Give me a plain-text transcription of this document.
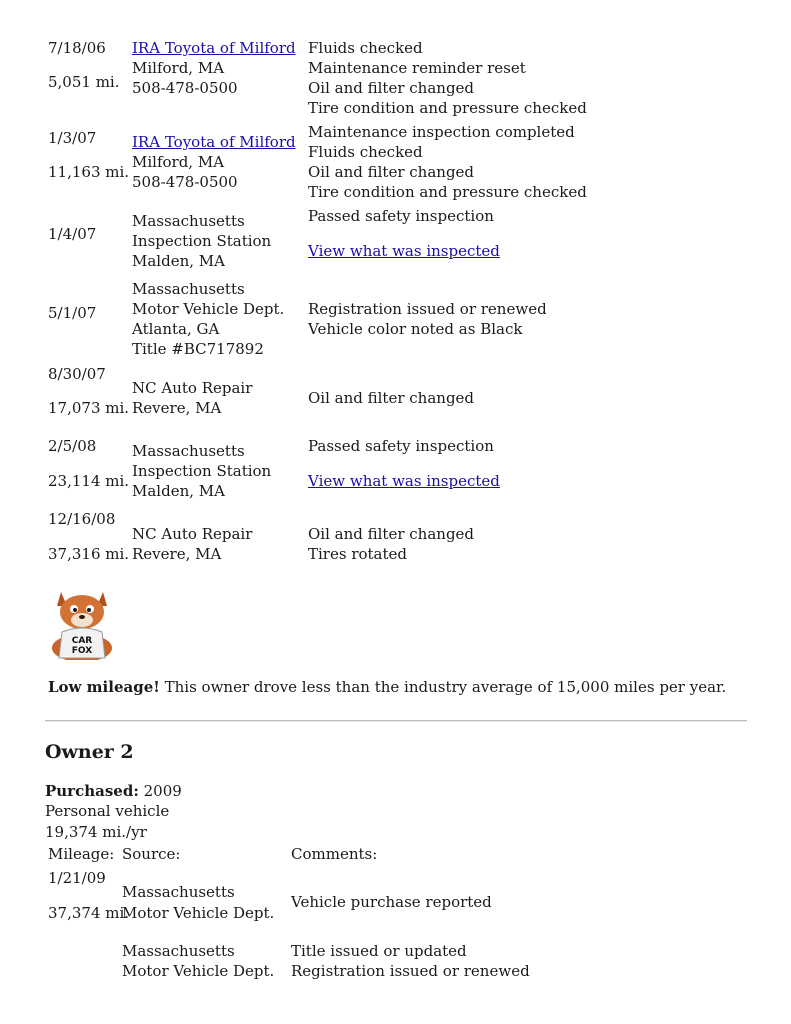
7/18/06
5,051 mi.
IRA Toyota of Milford
Milford, MA
508-478-0500
Fluids checked
Maintenance reminder reset
Oil and filter changed
Tire condition and pressure checked
1/3/07
11,163 mi.
IRA Toyota of Milford
Milford, MA
508-478-0500
Maintenance inspection completed
Fluids checked
Oil and filter changed
Tire condition and pressure checked
1/4/07
Massachusetts
Inspection Station
Malden, MA
Passed safety inspection
View what was inspected
5/1/07
Massachusetts
Motor Vehicle Dept.
Atlanta, GA
Title #BC717892
Registration issued or renewed
Vehicle color noted as Black
8/30/07
17,073 mi.
NC Auto Repair
Revere, MA
Oil and filter changed
2/5/08
23,114 mi.
Massachusetts
Inspection Station
Malden, MA
Passed safety inspection
View what was inspected
12/16/08
37,316 mi.
NC Auto Repair
Revere, MA
Oil and filter changed
Tires rotated
CAR
FOX
Low mileage! This owner drove less than the industry average of 15,000 miles per year.
Owner 2
Purchased: 2009
Personal vehicle
19,374 mi./yr
Mileage: Source:	Comments:
1/21/09
37,374 mi.
Massachusetts
Motor Vehicle Dept.
Vehicle purchase reported
Massachusetts
Motor Vehicle Dept.
Title issued or updated
Registration issued or renewed
